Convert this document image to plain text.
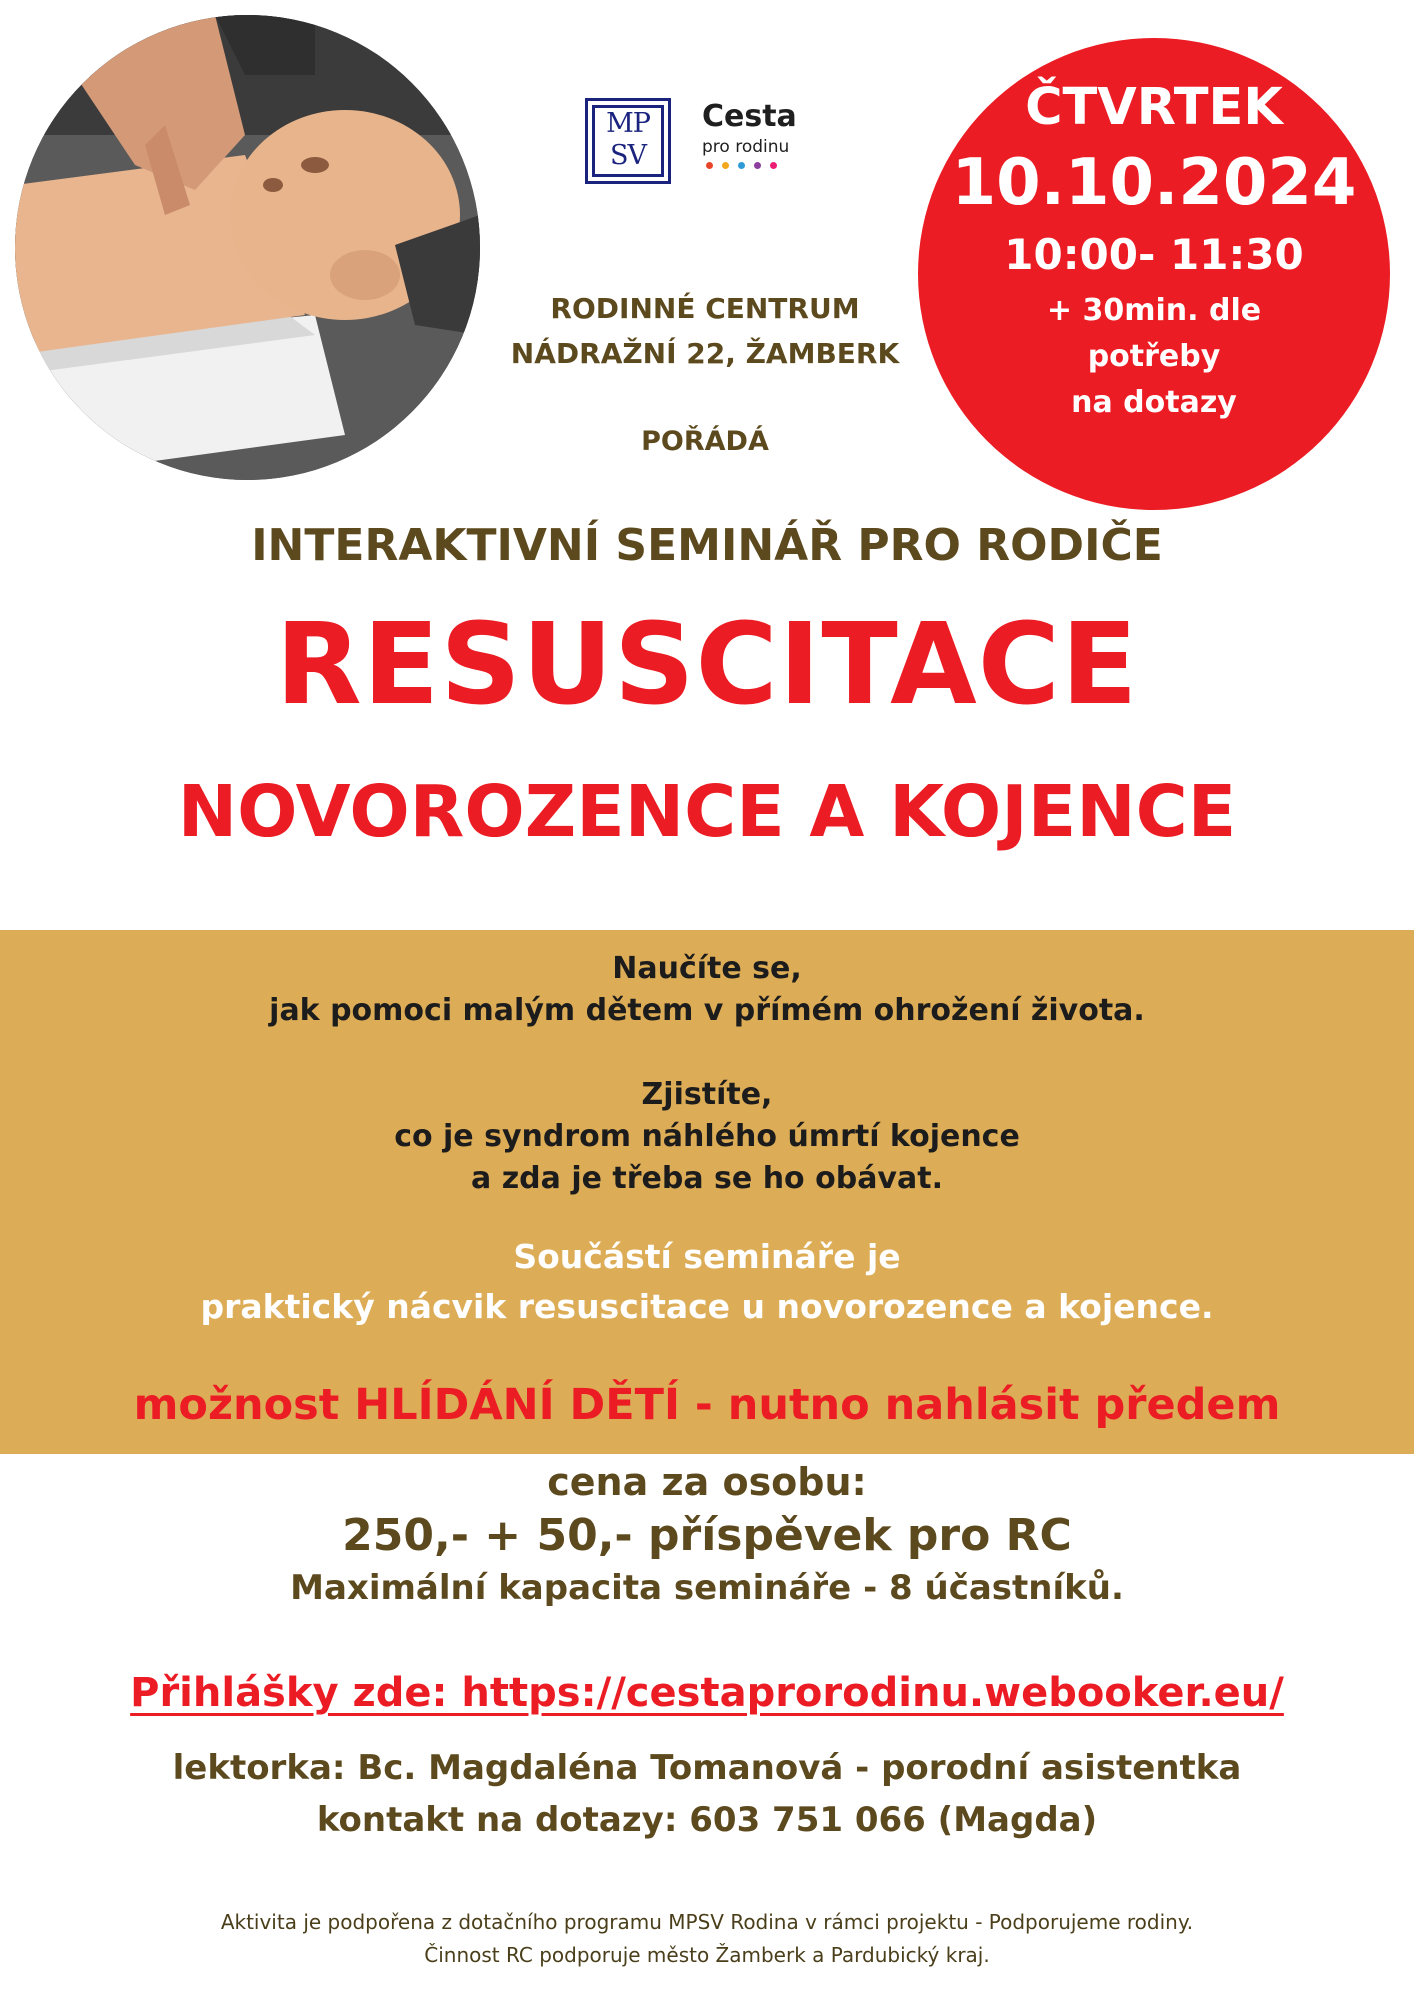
MP
SV
Cesta
pro rodinu
ČTVRTEK
10.10.2024
10:00- 11:30
+ 30min. dle
potřeby
na dotazy
RODINNÉ CENTRUM
NÁDRAŽNÍ 22, ŽAMBERK
POŘÁDÁ
INTERAKTIVNÍ SEMINÁŘ PRO RODIČE
RESUSCITACE
NOVOROZENCE A KOJENCE
Naučíte se,
jak pomoci malým dětem v přímém ohrožení života.
Zjistíte,
co je syndrom náhlého úmrtí kojence
a zda je třeba se ho obávat.
Součástí semináře je
praktický nácvik resuscitace u novorozence a kojence.
možnost HLÍDÁNÍ DĚTÍ - nutno nahlásit předem
cena za osobu:
250,- + 50,- příspěvek pro RC
Maximální kapacita semináře - 8 účastníků.
Přihlášky zde: https://cestaprorodinu.webooker.eu/
lektorka: Bc. Magdaléna Tomanová - porodní asistentka
kontakt na dotazy: 603 751 066 (Magda)
Aktivita je podpořena z dotačního programu MPSV Rodina v rámci projektu - Podporujeme rodiny.
Činnost RC podporuje město Žamberk a Pardubický kraj.
